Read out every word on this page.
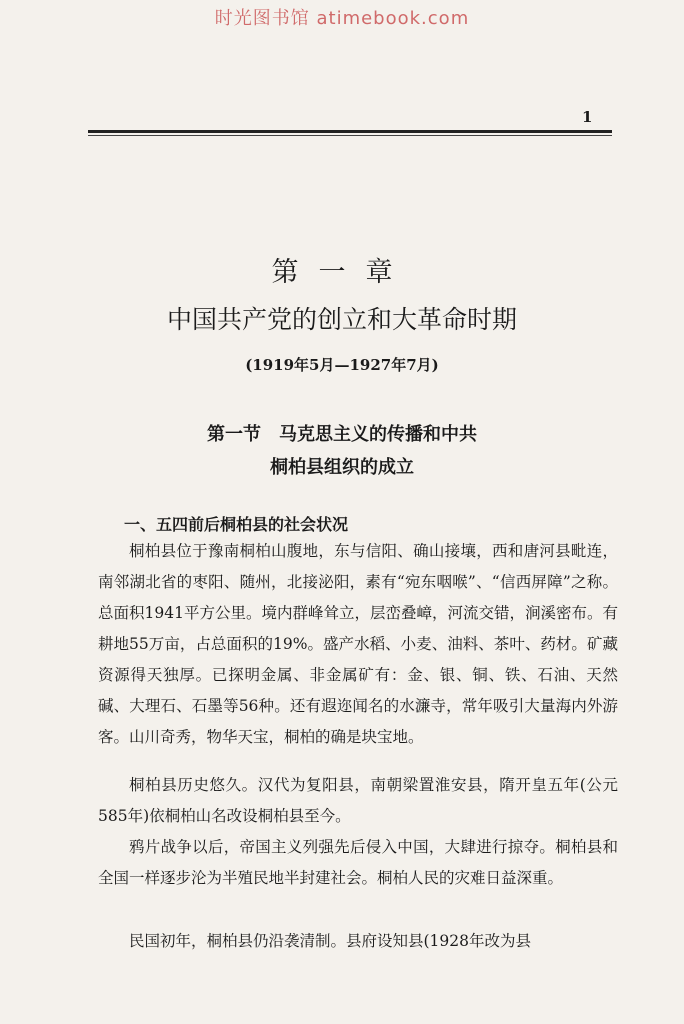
时光图书馆 atimebook.com
1
第一章
中国共产党的创立和大革命时期
(1919年5月—1927年7月)
第一节　马克思主义的传播和中共
桐柏县组织的成立
一、五四前后桐柏县的社会状况

桐柏县位于豫南桐柏山腹地，东与信阳、确山接壤，西和唐河县毗连，南邻湖北省的枣阳、随州，北接泌阳，素有“宛东咽喉”、“信西屏障”之称。总面积1941平方公里。境内群峰耸立，层峦叠嶂，河流交错，涧溪密布。有耕地55万亩，占总面积的19%。盛产水稻、小麦、油料、茶叶、药材。矿藏资源得天独厚。已探明金属、非金属矿有：金、银、铜、铁、石油、天然碱、大理石、石墨等56种。还有遐迩闻名的水濂寺，常年吸引大量海内外游客。山川奇秀，物华天宝，桐柏的确是块宝地。

桐柏县历史悠久。汉代为复阳县，南朝梁置淮安县，隋开皇五年(公元585年)依桐柏山名改设桐柏县至今。

鸦片战争以后，帝国主义列强先后侵入中国，大肆进行掠夺。桐柏县和全国一样逐步沦为半殖民地半封建社会。桐柏人民的灾难日益深重。

民国初年，桐柏县仍沿袭清制。县府设知县(1928年改为县
